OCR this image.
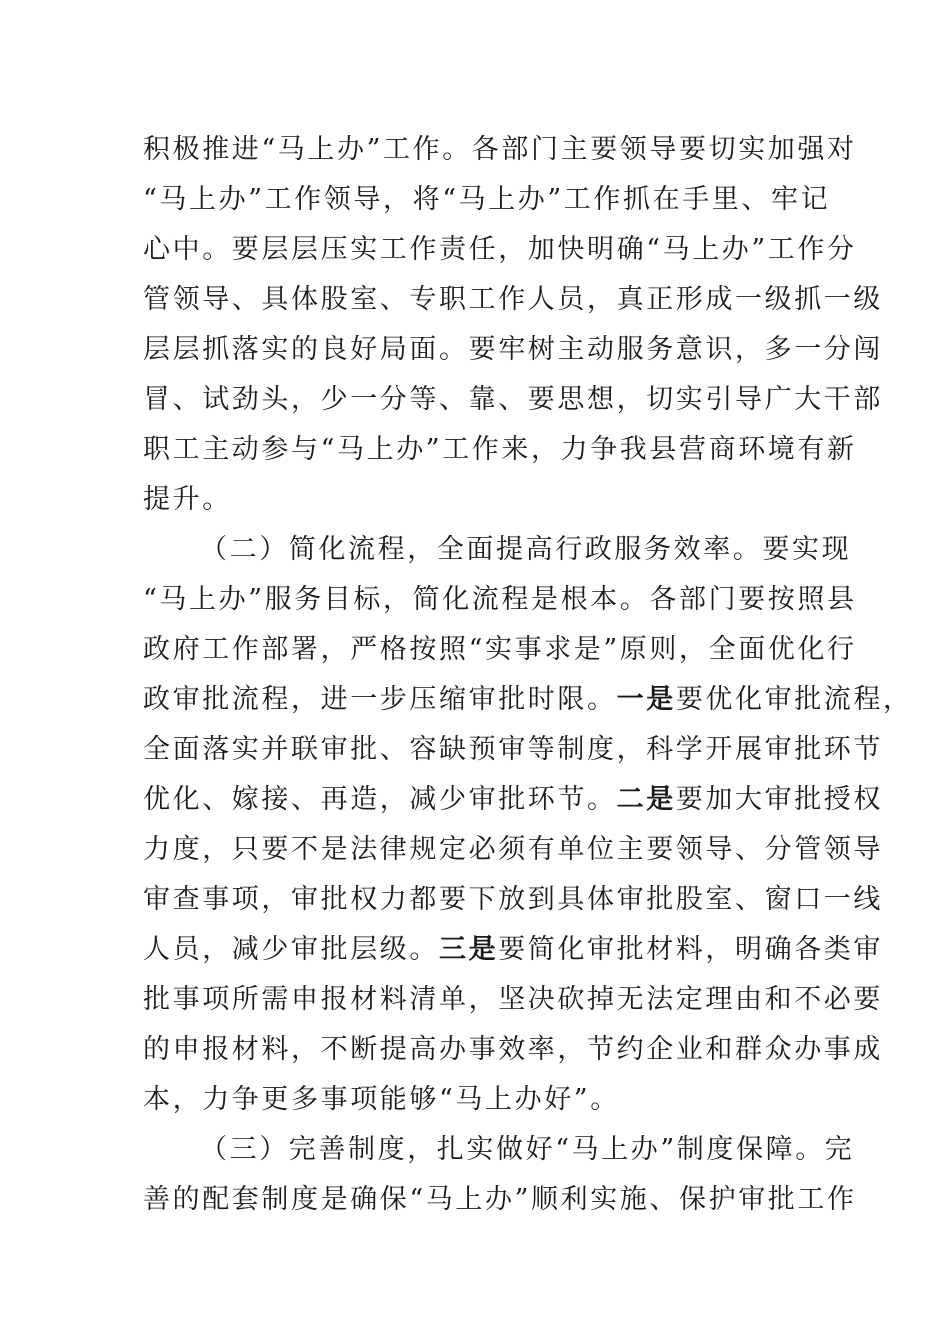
积极推进“马上办”工作。各部门主要领导要切实加强对
“马上办”工作领导，将“马上办”工作抓在手里、牢记
心中。要层层压实工作责任，加快明确“马上办”工作分
管领导、具体股室、专职工作人员，真正形成一级抓一级
层层抓落实的良好局面。要牢树主动服务意识，多一分闯
冒、试劲头，少一分等、靠、要思想，切实引导广大干部
职工主动参与“马上办”工作来，力争我县营商环境有新
提升。
（二）简化流程，全面提高行政服务效率。要实现
“马上办”服务目标，简化流程是根本。各部门要按照县
政府工作部署，严格按照“实事求是”原则，全面优化行
政审批流程，进一步压缩审批时限。一是要优化审批流程，
全面落实并联审批、容缺预审等制度，科学开展审批环节
优化、嫁接、再造，减少审批环节。二是要加大审批授权
力度，只要不是法律规定必须有单位主要领导、分管领导
审查事项，审批权力都要下放到具体审批股室、窗口一线
人员，减少审批层级。三是要简化审批材料，明确各类审
批事项所需申报材料清单，坚决砍掉无法定理由和不必要
的申报材料，不断提高办事效率，节约企业和群众办事成
本，力争更多事项能够“马上办好”。
（三）完善制度，扎实做好“马上办”制度保障。完
善的配套制度是确保“马上办”顺利实施、保护审批工作
